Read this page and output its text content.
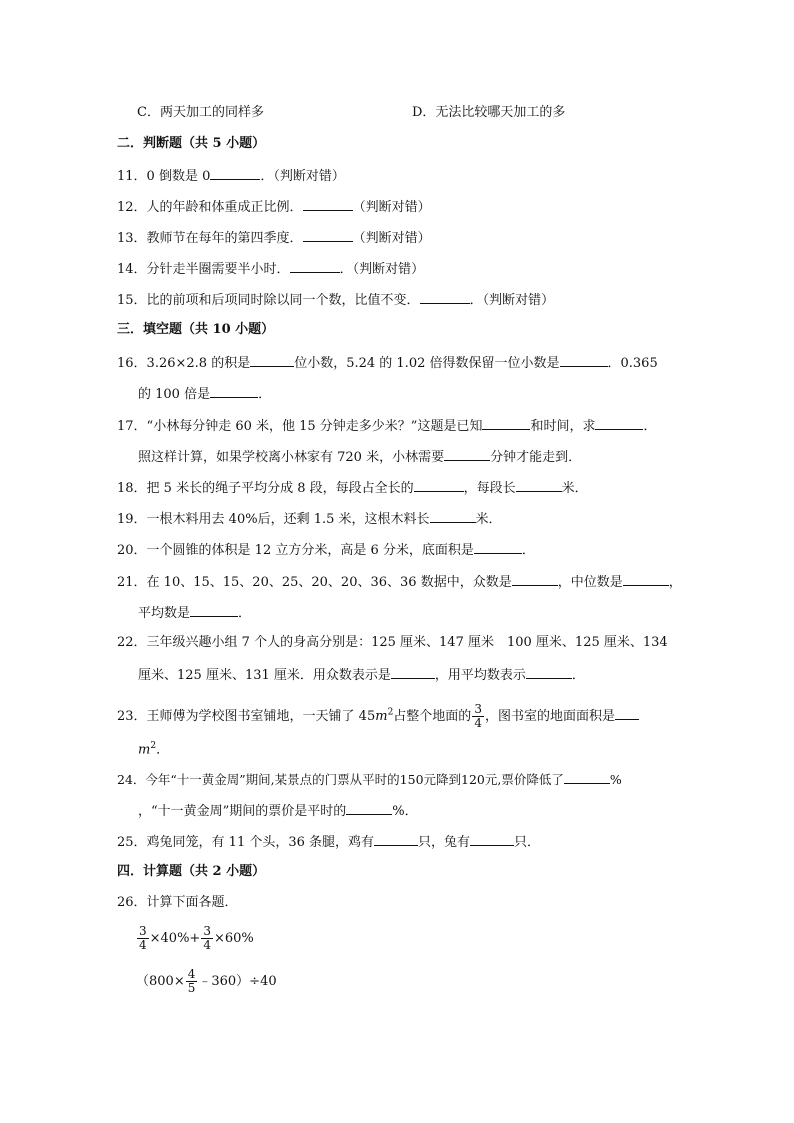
C．两天加工的同样多	D．无法比较哪天加工的多
二．判断题（共 5 小题）
11．0 倒数是 0	．（判断对错）
12．人的年龄和体重成正比例．	（判断对错）
13．教师节在每年的第四季度．	（判断对错）
14．分针走半圈需要半小时．	．（判断对错）
15．比的前项和后项同时除以同一个数，比值不变．	．（判断对错）
三．填空题（共 10 小题）
16．3.26×2.8 的积是	位小数，5.24 的 1.02 倍得数保留一位小数是	．0.365
的 100 倍是	．
17．“小林每分钟走 60 米，他 15 分钟走多少米？”这题是已知	和时间，求	．
照这样计算，如果学校离小林家有 720 米，小林需要	分钟才能走到．
18．把 5 米长的绳子平均分成 8 段，每段占全长的	，每段长	米．
19．一根木料用去 40%后，还剩 1.5 米，这根木料长	米．
20．一个圆锥的体积是 12 立方分米，高是 6 分米，底面积是	．
21．在 10、15、15、20、25、20、20、36、36 数据中，众数是	，中位数是	，
平均数是	．
22．三年级兴趣小组 7 个人的身高分别是：125 厘米、147 厘米　100 厘米、125 厘米、134
厘米、125 厘米、131 厘米．用众数表示是	，用平均数表示	．
23．王师傅为学校图书室铺地，一天铺了 $45m^2$占整个地面的 $\frac{3}{4}$ ，图书室的地面面积是
$m^2$．
24．今年“十一黄金周”期间,某景点的门票从平时的150元降到120元,票价降低了	%
，“十一黄金周”期间的票价是平时的	%．
25．鸡兔同笼，有 11 个头，36 条腿，鸡有	只，兔有	只．
四．计算题（共 2 小题）
26．计算下面各题．
$\frac{3}{4} \times 40\%+ \frac{3}{4} \times 60\%$
（$800\times \frac{4}{5}$ ﹣360）÷40
